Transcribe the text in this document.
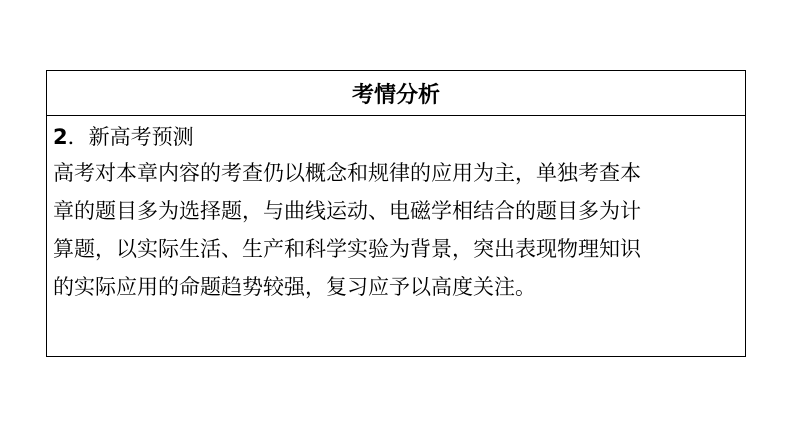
考情分析

2．新高考预测
高考对本章内容的考查仍以概念和规律的应用为主，单独考查本
章的题目多为选择题，与曲线运动、电磁学相结合的题目多为计
算题，以实际生活、生产和科学实验为背景，突出表现物理知识
的实际应用的命题趋势较强，复习应予以高度关注。
